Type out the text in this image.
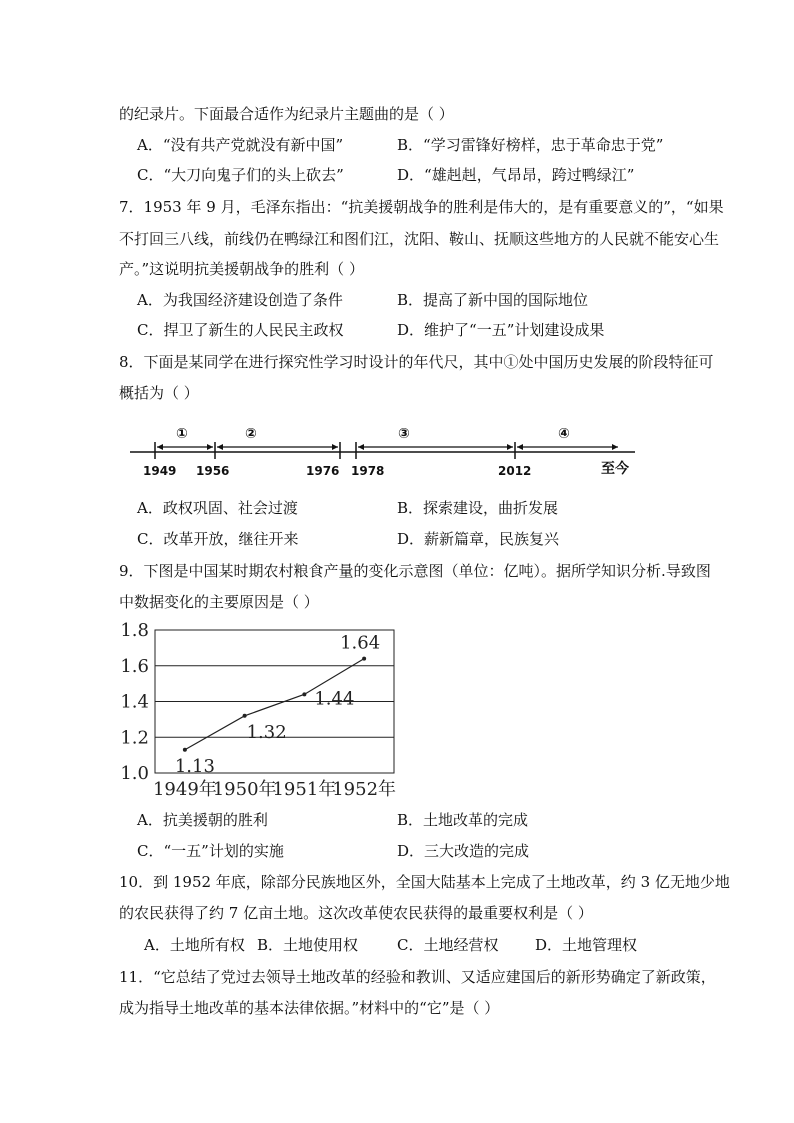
的纪录片。下面最合适作为纪录片主题曲的是（ ）
A．“没有共产党就没有新中国”	B．“学习雷锋好榜样，忠于革命忠于党”
C．“大刀向鬼子们的头上砍去”	D．“雄赳赳，气昂昂，跨过鸭绿江”
7．1953 年 9 月，毛泽东指出：“抗美援朝战争的胜利是伟大的，是有重要意义的”，“如果
不打回三八线，前线仍在鸭绿江和图们江，沈阳、鞍山、抚顺这些地方的人民就不能安心生
产。”这说明抗美援朝战争的胜利（ ）
A．为我国经济建设创造了条件	B．提高了新中国的国际地位
C．捍卫了新生的人民民主政权	D．维护了“一五”计划建设成果
8．下面是某同学在进行探究性学习时设计的年代尺，其中①处中国历史发展的阶段特征可
概括为（ ）
①	②	③	④
1949 1956	1976 1978	2012	至今
A．政权巩固、社会过渡	B．探索建设，曲折发展
C．改革开放，继往开来	D．薪新篇章，民族复兴
9．下图是中国某时期农村粮食产量的变化示意图（单位：亿吨）。据所学知识分析.导致图
中数据变化的主要原因是（ ）
1.0
1.2
1.4
1.6
1.8
1949年
1950年
1951年
1952年
1.13
1.32
1.44
1.64
A．抗美援朝的胜利	B．土地改革的完成
C．“一五”计划的实施	D．三大改造的完成
10．到 1952 年底，除部分民族地区外，全国大陆基本上完成了土地改革，约 3 亿无地少地
的农民获得了约 7 亿亩土地。这次改革使农民获得的最重要权利是（ ）
A．土地所有权 B．土地使用权	C．土地经营权 D．土地管理权
11．“它总结了党过去领导土地改革的经验和教训、又适应建国后的新形势确定了新政策，
成为指导土地改革的基本法律依据。”材料中的“它”是（ ）
